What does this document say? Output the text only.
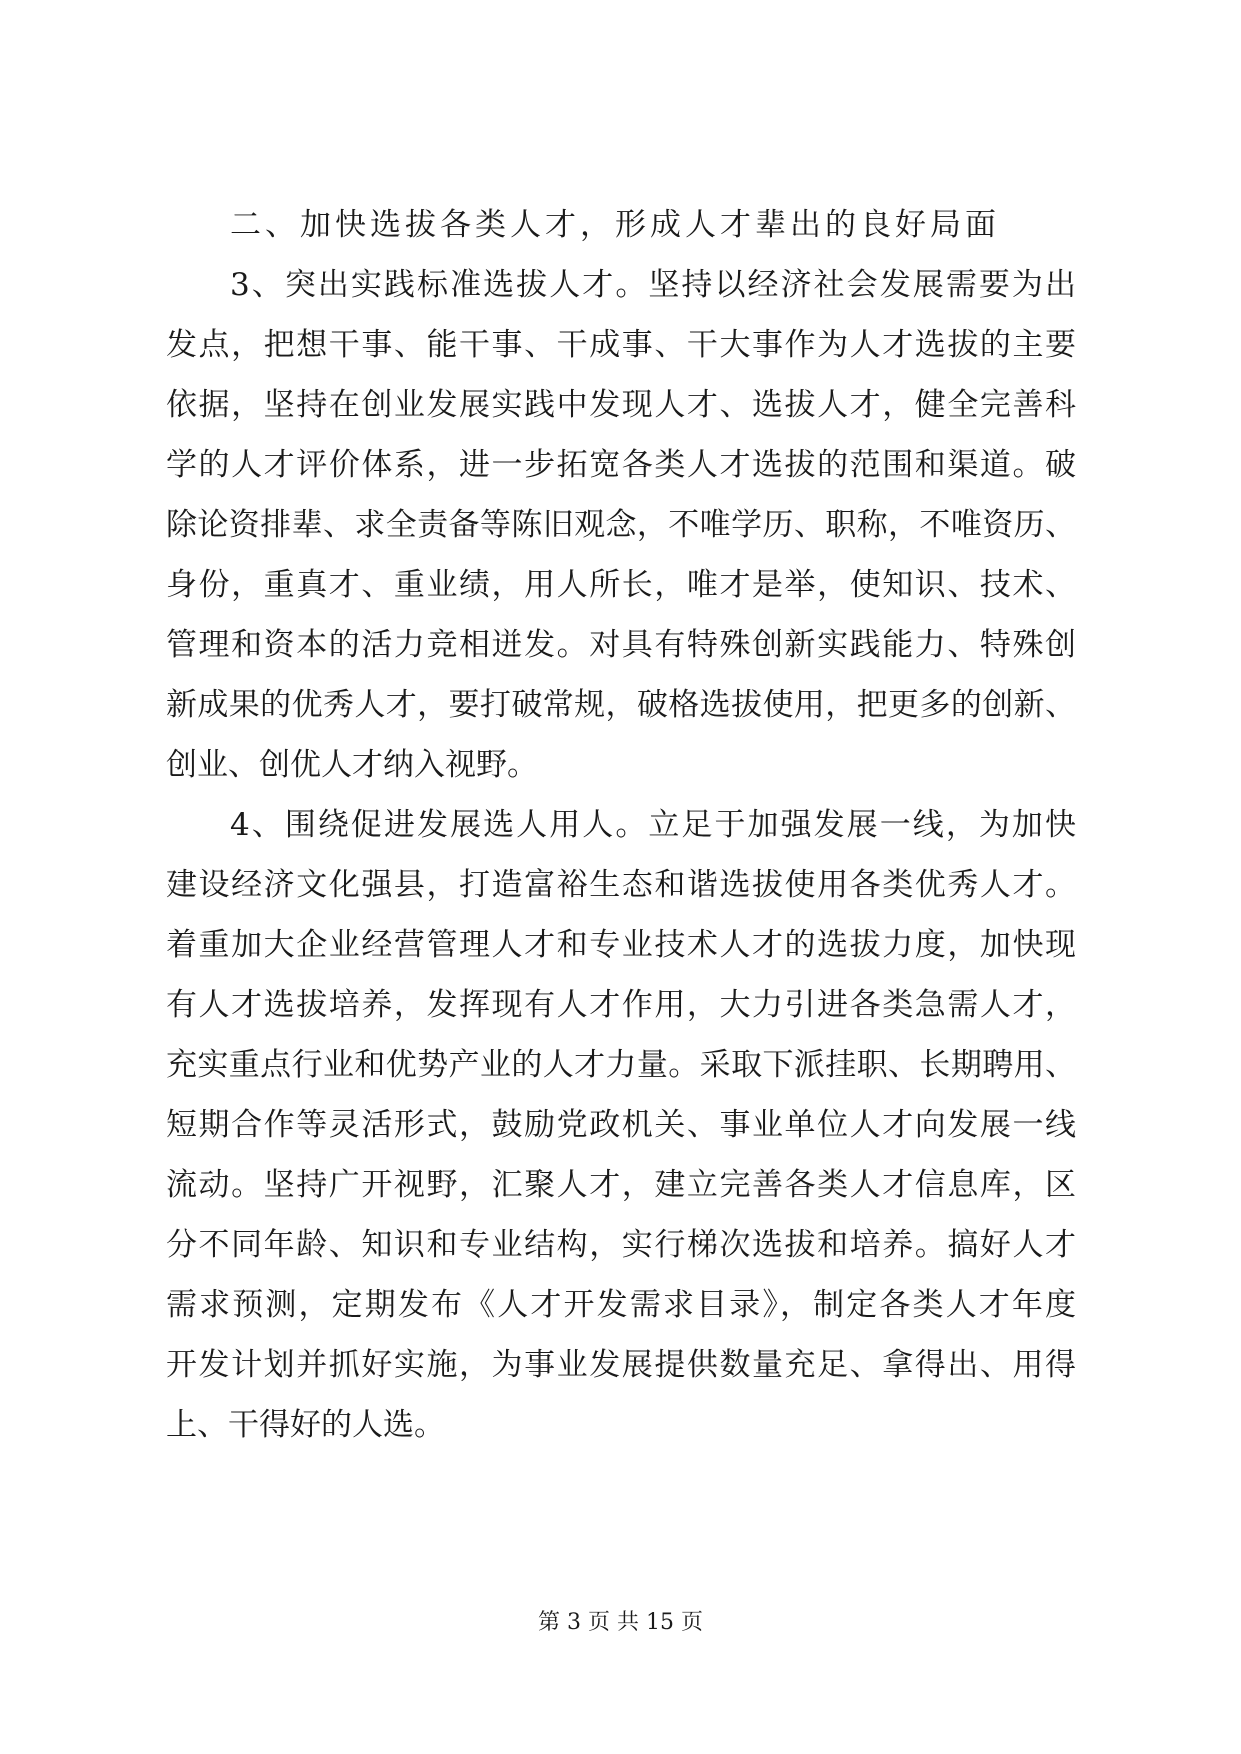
二、加快选拔各类人才，形成人才辈出的良好局面
3、突出实践标准选拔人才。坚持以经济社会发展需要为出
发点，把想干事、能干事、干成事、干大事作为人才选拔的主要
依据，坚持在创业发展实践中发现人才、选拔人才，健全完善科
学的人才评价体系，进一步拓宽各类人才选拔的范围和渠道。破
除论资排辈、求全责备等陈旧观念，不唯学历、职称，不唯资历、
身份，重真才、重业绩，用人所长，唯才是举，使知识、技术、
管理和资本的活力竞相迸发。对具有特殊创新实践能力、特殊创
新成果的优秀人才，要打破常规，破格选拔使用，把更多的创新、
创业、创优人才纳入视野。
4、围绕促进发展选人用人。立足于加强发展一线，为加快
建设经济文化强县，打造富裕生态和谐选拔使用各类优秀人才。
着重加大企业经营管理人才和专业技术人才的选拔力度，加快现
有人才选拔培养，发挥现有人才作用，大力引进各类急需人才，
充实重点行业和优势产业的人才力量。采取下派挂职、长期聘用、
短期合作等灵活形式，鼓励党政机关、事业单位人才向发展一线
流动。坚持广开视野，汇聚人才，建立完善各类人才信息库，区
分不同年龄、知识和专业结构，实行梯次选拔和培养。搞好人才
需求预测，定期发布《人才开发需求目录》，制定各类人才年度
开发计划并抓好实施，为事业发展提供数量充足、拿得出、用得
上、干得好的人选。
第 3 页 共 15 页
